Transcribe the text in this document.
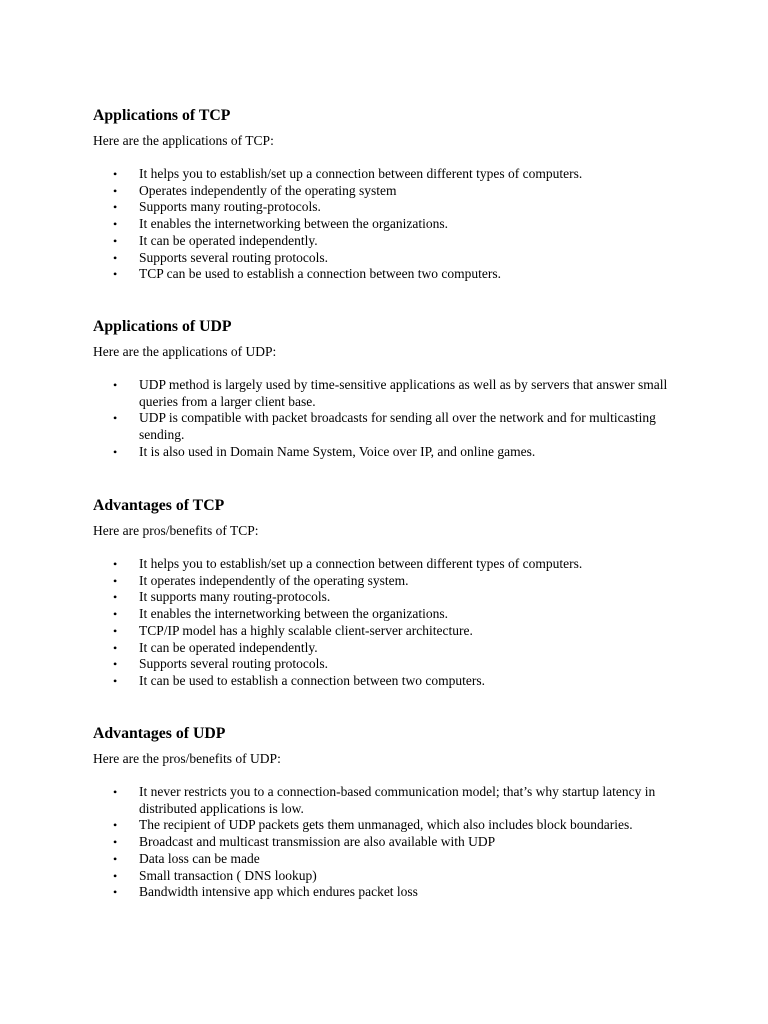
Applications of TCP

Here are the applications of TCP:

• It helps you to establish/set up a connection between different types of computers.
• Operates independently of the operating system
• Supports many routing-protocols.
• It enables the internetworking between the organizations.
• It can be operated independently.
• Supports several routing protocols.
• TCP can be used to establish a connection between two computers.
Applications of UDP

Here are the applications of UDP:

• UDP method is largely used by time-sensitive applications as well as by servers that answer small queries from a larger client base.
• UDP is compatible with packet broadcasts for sending all over the network and for multicasting sending.
• It is also used in Domain Name System, Voice over IP, and online games.
Advantages of TCP

Here are pros/benefits of TCP:

• It helps you to establish/set up a connection between different types of computers.
• It operates independently of the operating system.
• It supports many routing-protocols.
• It enables the internetworking between the organizations.
• TCP/IP model has a highly scalable client-server architecture.
• It can be operated independently.
• Supports several routing protocols.
• It can be used to establish a connection between two computers.
Advantages of UDP

Here are the pros/benefits of UDP:

• It never restricts you to a connection-based communication model; that’s why startup latency in distributed applications is low.
• The recipient of UDP packets gets them unmanaged, which also includes block boundaries.
• Broadcast and multicast transmission are also available with UDP
• Data loss can be made
• Small transaction ( DNS lookup)
• Bandwidth intensive app which endures packet loss
